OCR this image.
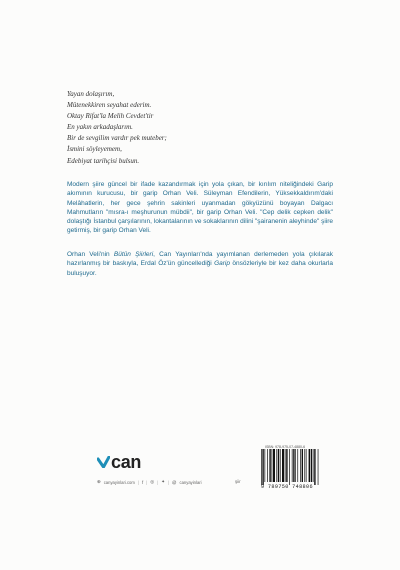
Yayan dolaşırım,
Mütenekkiren seyahat ederim.
Oktay Rifat'la Melih Cevdet'tir
En yakın arkadaşlarım.
Bir de sevgilim vardır pek muteber;
İsmini söyleyemem,
Edebiyat tarihçisi bulsun.
Modern şiire güncel bir ifade kazandırmak için yola çıkan, bir kırılım niteliğindeki Garip akımının kurucusu, bir garip Orhan Veli. Süleyman Efendilerin, Yüksekkaldırım'daki Melâhatlerin, her gece şehrin sakinleri uyanmadan gökyüzünü boyayan Dalgacı Mahmutların "mısra-ı meşhurunun mübdii", bir garip Orhan Veli. "Cep delik cepken delik" dolaştığı İstanbul çarşılarının, lokantalarının ve sokaklarının dilini "şairanenin aleyhinde" şiire getirmiş, bir garip Orhan Veli.
Orhan Veli'nin Bütün Şiirleri, Can Yayınları'nda yayımlanan derlemeden yola çıkılarak hazırlanmış bir baskıyla, Erdal Öz'ün güncellediği Garip önsözleriyle bir kez daha okurlarla buluşuyor.
can
⊕ canyayinlari.com | f | ◎ | ✦ | @ canyayinlari	şiir
ISBN: 978-975-07-4880-6
9 789750 748806
